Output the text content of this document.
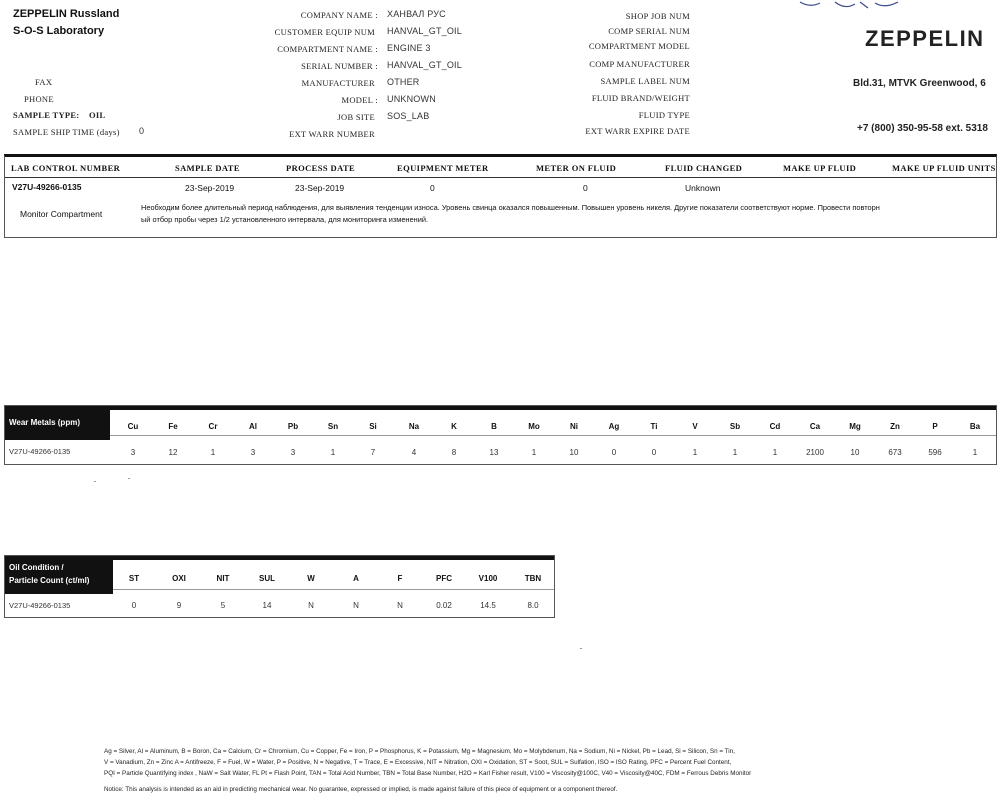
ZEPPELIN Russland
S-O-S Laboratory
FAX
PHONE
SAMPLE TYPE: OIL
SAMPLE SHIP TIME (days) 0
COMPANY NAME : ХАНВАЛ РУС
CUSTOMER EQUIP NUM HANVAL_GT_OIL
COMPARTMENT NAME : ENGINE 3
SERIAL NUMBER : HANVAL_GT_OIL
MANUFACTURER OTHER
MODEL : UNKNOWN
JOB SITE SOS_LAB
EXT WARR NUMBER
SHOP JOB NUM
COMP SERIAL NUM
COMPARTMENT MODEL
COMP MANUFACTURER
SAMPLE LABEL NUM
FLUID BRAND/WEIGHT
FLUID TYPE
EXT WARR EXPIRE DATE
ZEPPELIN
Bld.31, MTVK Greenwood, 6
+7 (800) 350-95-58 ext. 5318
LAB CONTROL NUMBER	SAMPLE DATE	PROCESS DATE	EQUIPMENT METER	METER ON FLUID	FLUID CHANGED	MAKE UP FLUID	MAKE UP FLUID UNITS
V27U-49266-0135	23-Sep-2019	23-Sep-2019	0	0	Unknown
Monitor Compartment
Необходим более длительный период наблюдения, для выявления тенденции износа. Уровень свинца оказался повышенным. Повышен уровень никеля. Другие показатели соответствуют норме. Провести повторн
ый отбор пробы через 1/2 установленного интервала, для мониторинга изменений.
Wear Metals (ppm)	Cu	Fe	Cr	Al	Pb	Sn	Si	Na	K	B	Mo	Ni	Ag	Ti	V	Sb	Cd	Ca	Mg	Zn	P	Ba
V27U-49266-0135	3	12	1	3	3	1	7	4	8	13	1	10	0	0	1	1	1	2100	10	673	596	1
Oil Condition /
Particle Count (ct/ml)	ST	OXI	NIT	SUL	W	A	F	PFC	V100	TBN
V27U-49266-0135	0	9	5	14	N	N	N	0.02	14.5	8.0
Ag = Silver, Al = Aluminum, B = Boron, Ca = Calcium, Cr = Chromium, Cu = Copper, Fe = Iron, P = Phosphorus, K = Potassium, Mg = Magnesium, Mo = Molybdenum, Na = Sodium, Ni = Nickel, Pb = Lead, Si = Silicon, Sn = Tin,
V = Vanadium, Zn = Zinc A = Antifreeze, F = Fuel, W = Water, P = Positive, N = Negative, T = Trace, E = Excessive, NIT = Nitration, OXI = Oxidation, ST = Soot, SUL = Sulfation, ISO = ISO Rating, PFC = Percent Fuel Content,
PQI = Particle Quantifying index , NaW = Salt Water, FL Pt = Flash Point, TAN = Total Acid Number, TBN = Total Base Number, H2O = Karl Fisher result, V100 = Viscosity@100C, V40 = Viscosity@40C, FDM = Ferrous Debris Monitor
Notice: This analysis is intended as an aid in predicting mechanical wear. No guarantee, expressed or implied, is made against failure of this piece of equipment or a component thereof.
